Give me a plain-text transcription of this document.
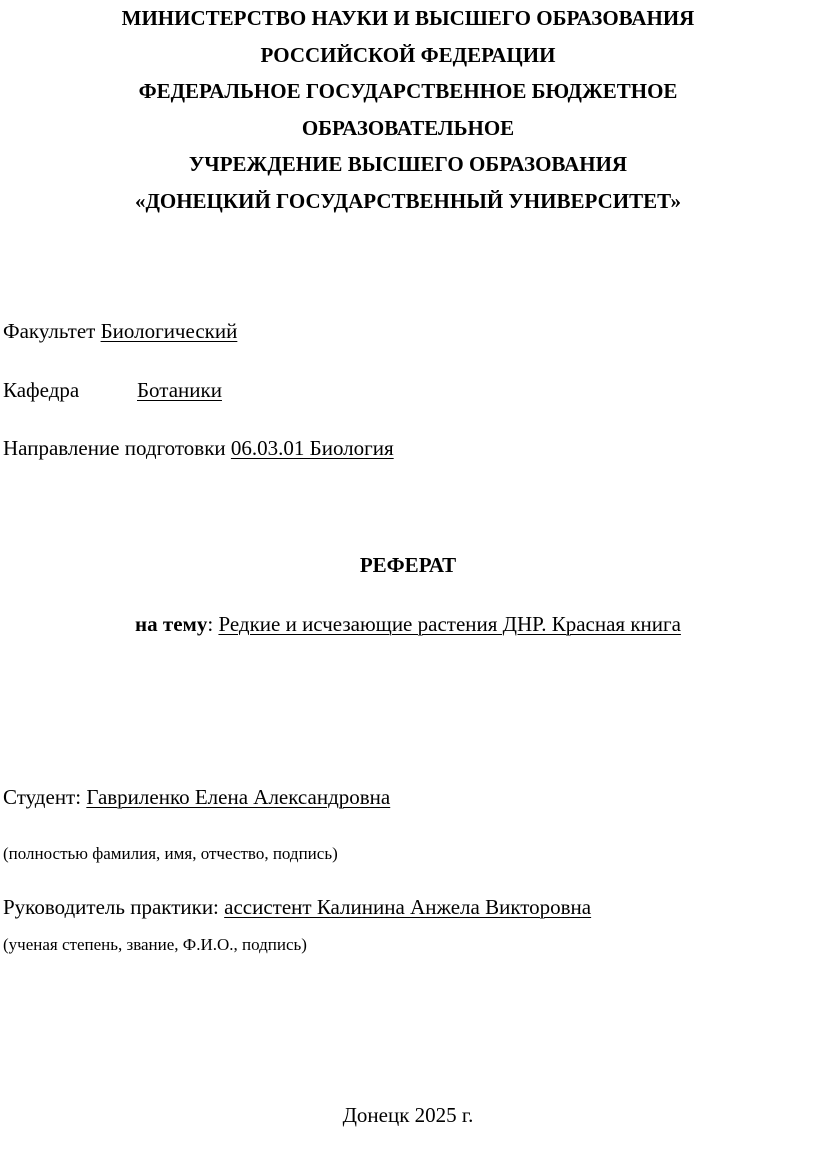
МИНИСТЕРСТВО НАУКИ И ВЫСШЕГО ОБРАЗОВАНИЯ
РОССИЙСКОЙ ФЕДЕРАЦИИ
ФЕДЕРАЛЬНОЕ ГОСУДАРСТВЕННОЕ БЮДЖЕТНОЕ
ОБРАЗОВАТЕЛЬНОЕ
УЧРЕЖДЕНИЕ ВЫСШЕГО ОБРАЗОВАНИЯ
«ДОНЕЦКИЙ ГОСУДАРСТВЕННЫЙ УНИВЕРСИТЕТ»
Факультет Биологический
Кафедра	Ботаники
Направление подготовки 06.03.01 Биология
РЕФЕРАТ
на тему: Редкие и исчезающие растения ДНР. Красная книга
Студент: Гавриленко Елена Александровна
(полностью фамилия, имя, отчество, подпись)
Руководитель практики: ассистент Калинина Анжела Викторовна
(ученая степень, звание, Ф.И.О., подпись)
Донецк 2025 г.
